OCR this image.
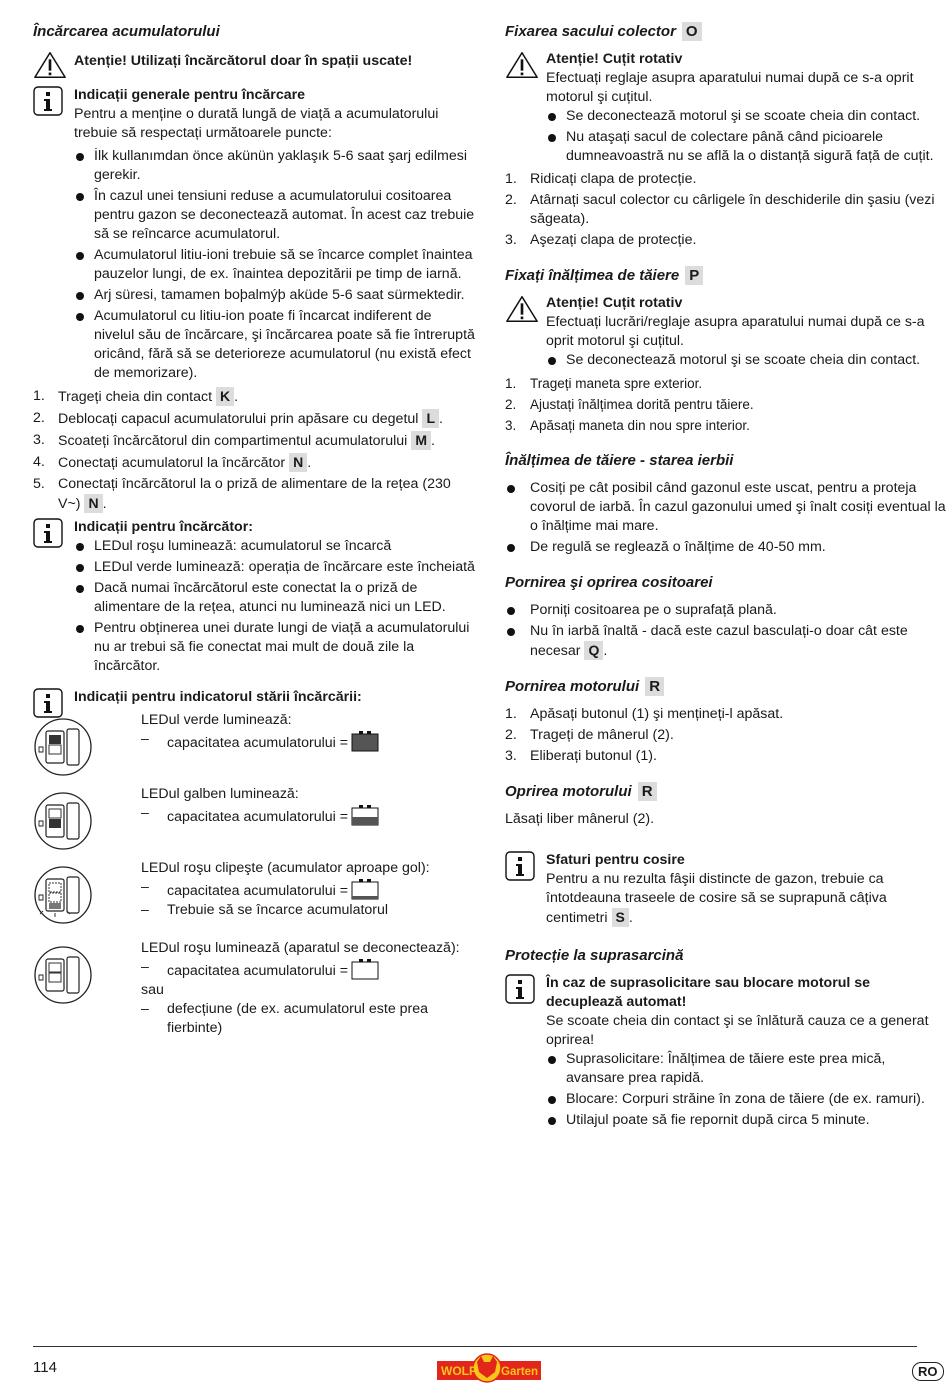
Încărcarea acumulatorului
Atenție! Utilizați încărcătorul doar în spații uscate!
Indicații generale pentru încărcare
Pentru a menține o durată lungă de viață a acumulatorului trebuie să respectați următoarele puncte:
İlk kullanımdan önce akünün yaklaşık 5-6 saat şarj edilmesi gerekir.
În cazul unei tensiuni reduse a acumulatorului cositoarea pentru gazon se deconectează automat. În acest caz trebuie să se reîncarce acumulatorul.
Acumulatorul litiu-ioni trebuie să se încarce complet înaintea pauzelor lungi, de ex. înaintea depozitării pe timp de iarnă.
Arj süresi, tamamen boþalmýþ aküde 5-6 saat sürmektedir.
Acumulatorul cu litiu-ion poate fi încarcat indiferent de nivelul său de încărcare, şi încărcarea poate să fie întreruptă oricând, fără să se deterioreze acumulatorul (nu există efect de memorizare).
1. Trageți cheia din contact K .
2. Deblocați capacul acumulatorului prin apăsare cu degetul L .
3. Scoateți încărcătorul din compartimentul acumulatorului M .
4. Conectați acumulatorul la încărcător N .
5. Conectați încărcătorul la o priză de alimentare de la rețea (230 V~) N .
Indicații pentru încărcător:
LEDul roşu luminează: acumulatorul se încarcă
LEDul verde luminează: operația de încărcare este încheiată
Dacă numai încărcătorul este conectat la o priză de alimentare de la rețea, atunci nu luminează nici un LED.
Pentru obținerea unei durate lungi de viață a acumulatorului nu ar trebui să fie conectat mai mult de două zile la încărcător.
Indicații pentru indicatorul stării încărcării:
LEDul verde luminează:
– capacitatea acumulatorului =
LEDul galben luminează:
– capacitatea acumulatorului =
LEDul roşu clipeşte (acumulator aproape gol):
– capacitatea acumulatorului =
– Trebuie să se încarce acumulatorul
LEDul roşu luminează (aparatul se deconectează):
– capacitatea acumulatorului =
sau
– defecțiune (de ex. acumulatorul este prea fierbinte)
Fixarea sacului colector O
Atenție! Cuțit rotativ
Efectuați reglaje asupra aparatului numai după ce s-a oprit motorul şi cuțitul.
Se deconectează motorul şi se scoate cheia din contact.
Nu ataşați sacul de colectare până când picioarele dumneavoastră nu se află la o distanță sigură față de cuțit.
1. Ridicați clapa de protecție.
2. Atârnați sacul colector cu cârligele în deschiderile din şasiu (vezi săgeata).
3. Aşezați clapa de protecție.
Fixați înălțimea de tăiere P
Atenție! Cuțit rotativ
Efectuați lucrări/reglaje asupra aparatului numai după ce s-a oprit motorul şi cuțitul.
Se deconectează motorul şi se scoate cheia din contact.
1. Trageți maneta spre exterior.
2. Ajustați înălțimea dorită pentru tăiere.
3. Apăsați maneta din nou spre interior.
Înălțimea de tăiere - starea ierbii
Cosiți pe cât posibil când gazonul este uscat, pentru a proteja covorul de iarbă. În cazul gazonului umed şi înalt cosiți eventual la o înălțime mai mare.
De regulă se reglează o înălțime de 40-50 mm.
Pornirea şi oprirea cositoarei
Porniți cositoarea pe o suprafață plană.
Nu în iarbă înaltă - dacă este cazul basculați-o doar cât este necesar Q .
Pornirea motorului R
1. Apăsați butonul (1) şi mențineți-l apăsat.
2. Trageți de mânerul (2).
3. Eliberați butonul (1).
Oprirea motorului R
Lăsați liber mânerul (2).
Sfaturi pentru cosire
Pentru a nu rezulta fâşii distincte de gazon, trebuie ca întotdeauna traseele de cosire să se suprapună câțiva centimetri S .
Protecție la suprasarcină
În caz de suprasolicitare sau blocare motorul se decuplează automat!
Se scoate cheia din contact şi se înlătură cauza ce a generat oprirea!
Suprasolicitare: Înălțimea de tăiere este prea mică, avansare prea rapidă.
Blocare: Corpuri străine în zona de tăiere (de ex. ramuri).
Utilajul poate să fie repornit după circa 5 minute.
114	WOLF Garten	RO
